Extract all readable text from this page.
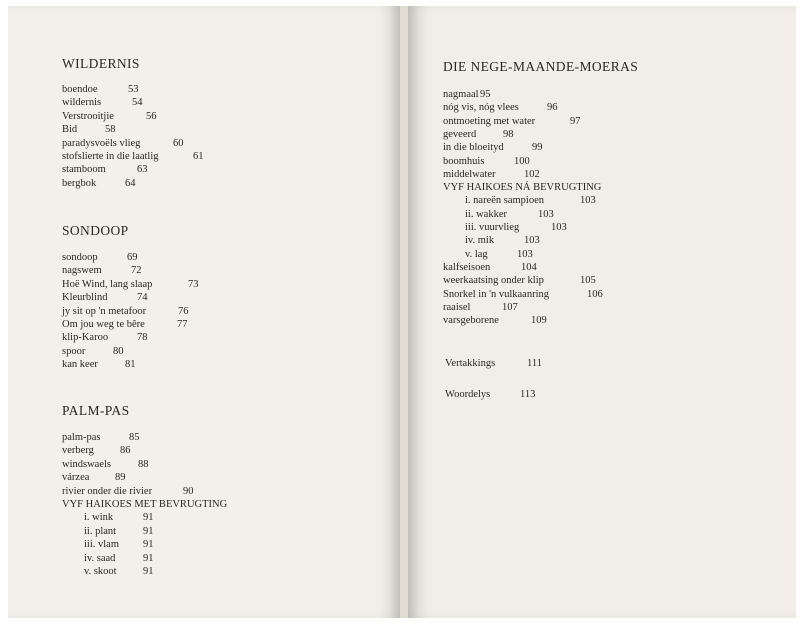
WILDERNIS
boendoe	53
wildernis	54
Verstrooitjie	56
Bid	58
paradysvoëls vlieg	60
stofslierte in die laatlig	61
stamboom	63
bergbok	64
SONDOOP
sondoop	69
nagswem	72
Hoë Wind, lang slaap	73
Kleurblind	74
jy sit op 'n metafoor	76
Om jou weg te bêre	77
klip-Karoo	78
spoor	80
kan keer	81
PALM-PAS
palm-pas	85
verberg 86
windswaels	88
várzea 89
rivier onder die rivier	90
VYF HAIKOES MET BEVRUGTING
i. wink	91
ii. plant	91
iii. vlam 91
iv. saad	91
v. skoot	91
DIE NEGE-MAANDE-MOERAS
nagmaal 95
nóg vis, nóg vlees	96
ontmoeting met water	97
geveerd	98
in die bloeityd	99
boomhuis	100
middelwater	102
VYF HAIKOES NÁ BEVRUGTING
i. nareën sampioen	103
ii. wakker	103
iii. vuurvlieg	103
iv. mik	103
v. lag	103
kalfseisoen	104
weerkaatsing onder klip	105
Snorkel in 'n vulkaanring	106
raaisel	107
varsgeborene	109
Vertakkings	111
Woordelys	113
